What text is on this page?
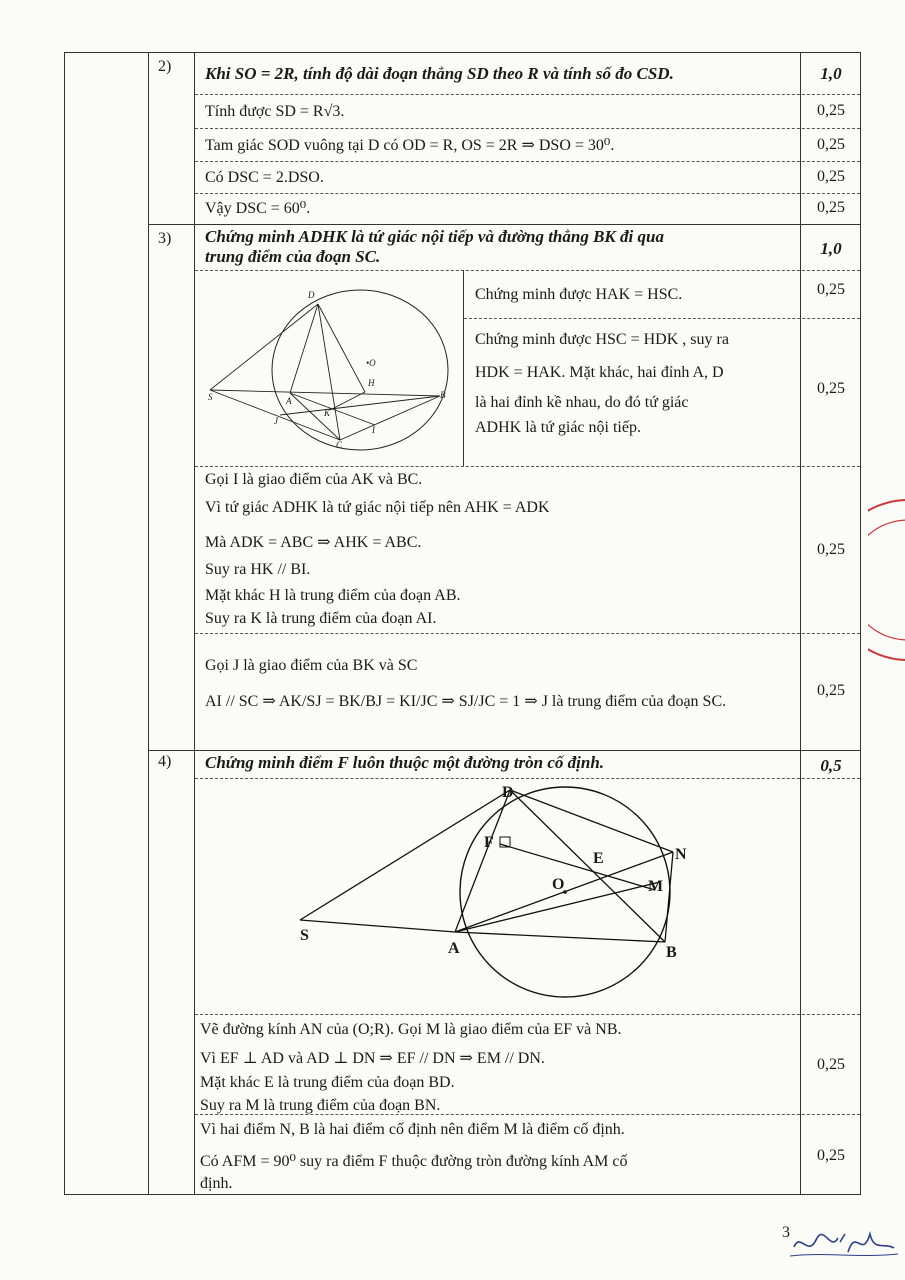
2) Khi SO = 2R, tính độ dài đoạn thẳng SD theo R và tính số đo CSD.	1,0
Tính được SD = R√3.	0,25
Tam giác SOD vuông tại D có OD = R, OS = 2R ⇒ DSO = 30⁰.	0,25
Có DSC = 2.DSO.	0,25
Vậy DSC = 60⁰.	0,25
3) Chứng minh ADHK là tứ giác nội tiếp và đường thẳng BK đi qua
trung điểm của đoạn SC.	1,0
D
•O
H
S	A
B
K
J
I
C
Chứng minh được HAK = HSC.	0,25
Chứng minh được HSC = HDK , suy ra
HDK = HAK. Mặt khác, hai đỉnh A, D
là hai đỉnh kề nhau, do đó tứ giác
ADHK là tứ giác nội tiếp.
0,25
Gọi I là giao điểm của AK và BC.
Vì tứ giác ADHK là tứ giác nội tiếp nên AHK = ADK
Mà ADK = ABC ⇒ AHK = ABC.
Suy ra HK // BI.
Mặt khác H là trung điểm của đoạn AB.
Suy ra K là trung điểm của đoạn AI.
0,25
Gọi J là giao điểm của BK và SC
AI // SC ⇒ AK/SJ = BK/BJ = KI/JC ⇒ SJ/JC = 1 ⇒ J là trung điểm của đoạn SC.
0,25
4) Chứng minh điểm F luôn thuộc một đường tròn cố định.	0,5
D
F
E	N
O	M
S
A	B
Vẽ đường kính AN của (O;R). Gọi M là giao điểm của EF và NB.
Vì EF ⊥ AD và AD ⊥ DN ⇒ EF // DN ⇒ EM // DN.
Mặt khác E là trung điểm của đoạn BD.
Suy ra M là trung điểm của đoạn BN.
0,25
Vì hai điểm N, B là hai điểm cố định nên điểm M là điểm cố định.
Có AFM = 90⁰ suy ra điểm F thuộc đường tròn đường kính AM cố
định.
0,25
3
